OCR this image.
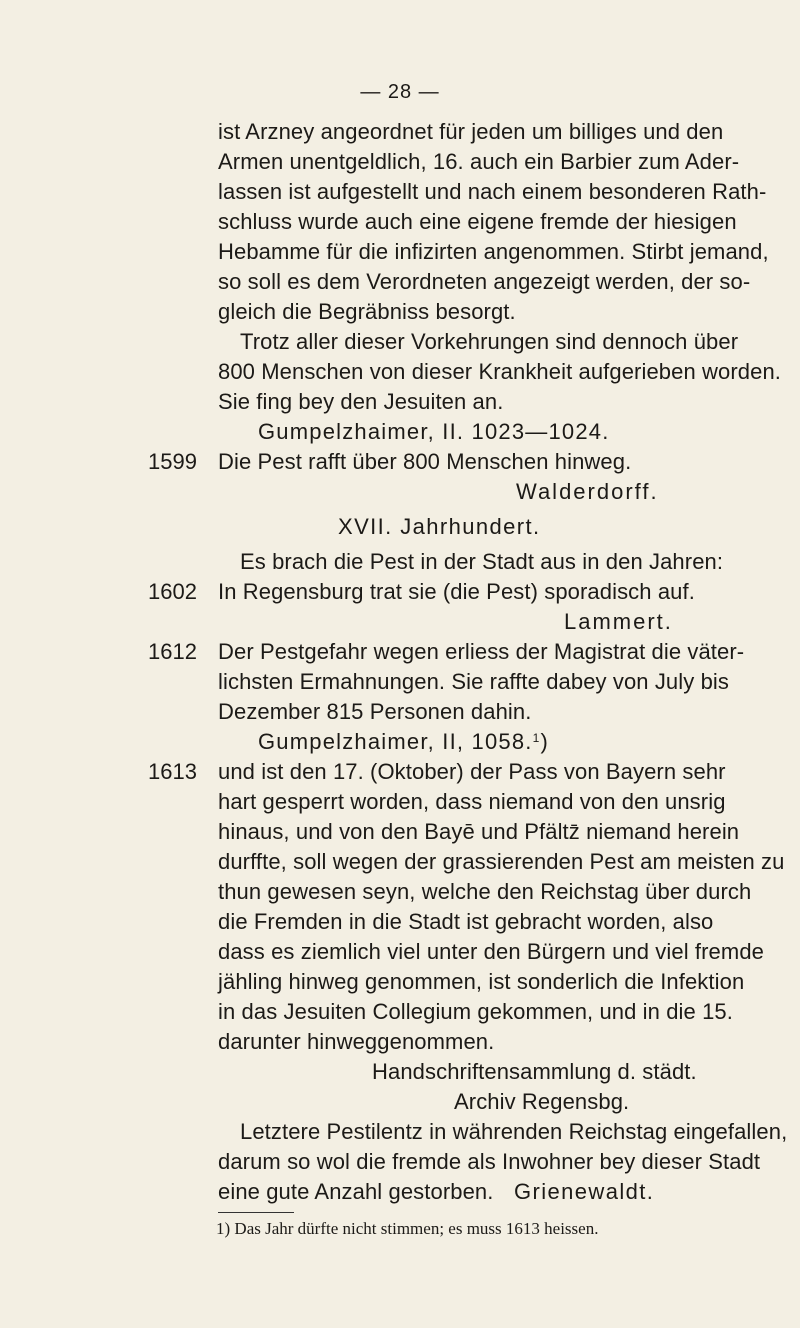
— 28 —
ist Arzney angeordnet für jeden um billiges und den
Armen unentgeldlich, 16. auch ein Barbier zum Ader-
lassen ist aufgestellt und nach einem besonderen Rath-
schluss wurde auch eine eigene fremde der hiesigen
Hebamme für die infizirten angenommen. Stirbt jemand,
so soll es dem Verordneten angezeigt werden, der so-
gleich die Begräbniss besorgt.
Trotz aller dieser Vorkehrungen sind dennoch über
800 Menschen von dieser Krankheit aufgerieben worden.
Sie fing bey den Jesuiten an.
Gumpelzhaimer, II. 1023—1024.
1599 Die Pest rafft über 800 Menschen hinweg.
Walderdorff.
XVII. Jahrhundert.
Es brach die Pest in der Stadt aus in den Jahren:
1602 In Regensburg trat sie (die Pest) sporadisch auf.
Lammert.
1612 Der Pestgefahr wegen erliess der Magistrat die väter-
lichsten Ermahnungen. Sie raffte dabey von July bis
Dezember 815 Personen dahin.
Gumpelzhaimer, II, 1058.$^1$)
1613 und ist den 17. (Oktober) der Pass von Bayern sehr
hart gesperrt worden, dass niemand von den unsrig
hinaus, und von den Bayē und Pfältz̄ niemand herein
durffte, soll wegen der grassierenden Pest am meisten zu
thun gewesen seyn, welche den Reichstag über durch
die Fremden in die Stadt ist gebracht worden, also
dass es ziemlich viel unter den Bürgern und viel fremde
jähling hinweg genommen, ist sonderlich die Infektion
in das Jesuiten Collegium gekommen, und in die 15.
darunter hinweggenommen.
Handschriftensammlung d. städt.
Archiv Regensbg.
Letztere Pestilentz in währenden Reichstag eingefallen,
darum so wol die fremde als Inwohner bey dieser Stadt
eine gute Anzahl gestorben. Grienewaldt.
1) Das Jahr dürfte nicht stimmen; es muss 1613 heissen.
